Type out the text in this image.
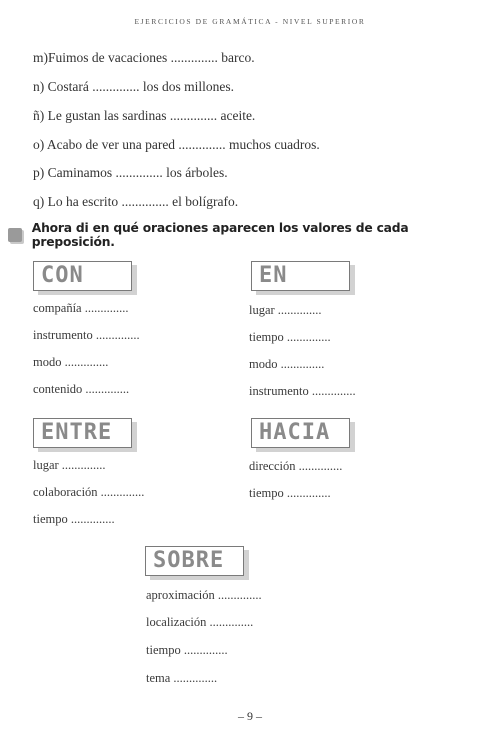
EJERCICIOS DE GRAMÁTICA - NIVEL SUPERIOR
m)Fuimos de vacaciones .............. barco.
n) Costará .............. los dos millones.
ñ) Le gustan las sardinas .............. aceite.
o) Acabo de ver una pared .............. muchos cuadros.
p) Caminamos .............. los árboles.
q) Lo ha escrito .............. el bolígrafo.
Ahora di en qué oraciones aparecen los valores de cada preposición.
CON
compañía ..............
instrumento ..............
modo ..............
contenido ..............
EN
lugar ..............
tiempo ..............
modo ..............
instrumento ..............
ENTRE
lugar ..............
colaboración ..............
tiempo ..............
HACIA
dirección ..............
tiempo ..............
SOBRE
aproximación ..............
localización ..............
tiempo ..............
tema ..............
– 9 –
